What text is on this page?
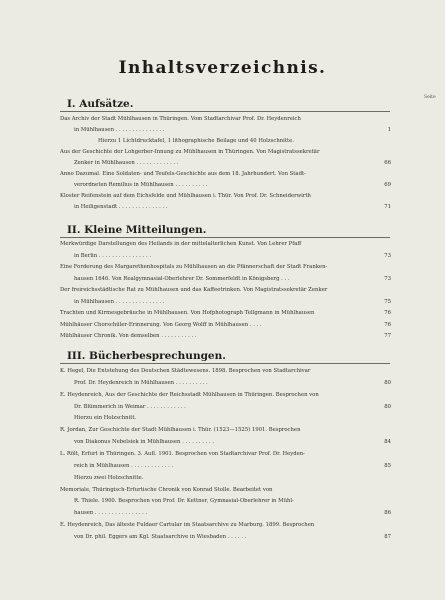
Inhaltsverzeichnis.
Seite
I. Aufsätze.
Das Archiv der Stadt Mühlhausen in Thüringen. Vom Stadtarchivar Prof. Dr. Heydenreich
in Mühlhausen . . . . . . . . . . . . . . .	1
Hierzu 1 Lichtdrucktafel, 1 lithographische Beilage und 40 Holzschnitte.
Aus der Geschichte der Lohgerber-Innung zu Mühlhausen in Thüringen. Von Magistratssekretär
Zenker in Mühlhausen . . . . . . . . . . . . .	66
Anno Dazumal. Eine Soldaten- und Teufels-Geschichte aus dem 18. Jahrhundert. Von Stadt-
verordneten Remilius in Mühlhausen . . . . . . . . . .	69
Kloster Reifenstein auf dem Eichsfelde und Mühlhausen i. Thür. Von Prof. Dr. Schneiderwirth
in Heiligenstadt . . . . . . . . . . . . . . .	71
II. Kleine Mitteilungen.
Merkwürdige Darstellungen des Heilands in der mittelalterlichen Kunst. Von Lehrer Pfaff
in Berlin . . . . . . . . . . . . . . . .	73
Eine Forderung des Margarethenhospitals zu Mühlhausen an die Pfännerschaft der Stadt Franken-
hausen 1646. Von Realgymnasial-Oberlehrer Dr. Sommerfeldt in Königsberg . . .	73
Der freireichsstädtische Rat zu Mühlhausen und das Kaffeetrinken. Von Magistratssekretär Zenker
in Mühlhausen . . . . . . . . . . . . . . .	75
Trachten und Kirmesgebräuche in Mühlhausen. Von Hofphotograph Tellgmann in Mühlhausen	76
Mühlhäuser Chorschüler-Erinnerung. Von Georg Wolff in Mühlhausen . . . .	76
Mühlhäuser Chronik. Von demselben . . . . . . . . . . .	77
III. Bücherbesprechungen.
K. Hegel, Die Entstehung des Deutschen Städtewesens. 1898. Besprochen von Stadtarchivar
Prof. Dr. Heydenreich in Mühlhausen . . . . . . . . . .	80
E. Heydenreich, Aus der Geschichte der Reichsstadt Mühlhausen in Thüringen. Besprochen von
Dr. Blümmerich in Weimar . . . . . . . . . . . .	80
Hierzu ein Holzschnitt.
R. Jordan, Zur Geschichte der Stadt Mühlhausen i. Thür. (1523—1525) 1901. Besprochen
von Diakonus Nebelsiek in Mühlhausen . . . . . . . . . .	84
L. Rölt, Erfurt in Thüringen. 3. Aufl. 1901. Besprochen von Stadtarchivar Prof. Dr. Heyden-
reich in Mühlhausen . . . . . . . . . . . . .	85
Hierzu zwei Holzschnitte.
Memoriale, Thüringisch-Erfurtische Chronik von Konrad Stolle. Bearbeitet von
R. Thiele. 1900. Besprochen von Prof. Dr. Kettner, Gymnasial-Oberlehrer in Mühl-
hausen . . . . . . . . . . . . . . . .	86
E. Heydenreich, Das älteste Fuldaer Cartular im Staatsarchive zu Marburg. 1899. Besprochen
von Dr. phil. Eggers am Kgl. Staatsarchive in Wiesbaden . . . . . .	87
